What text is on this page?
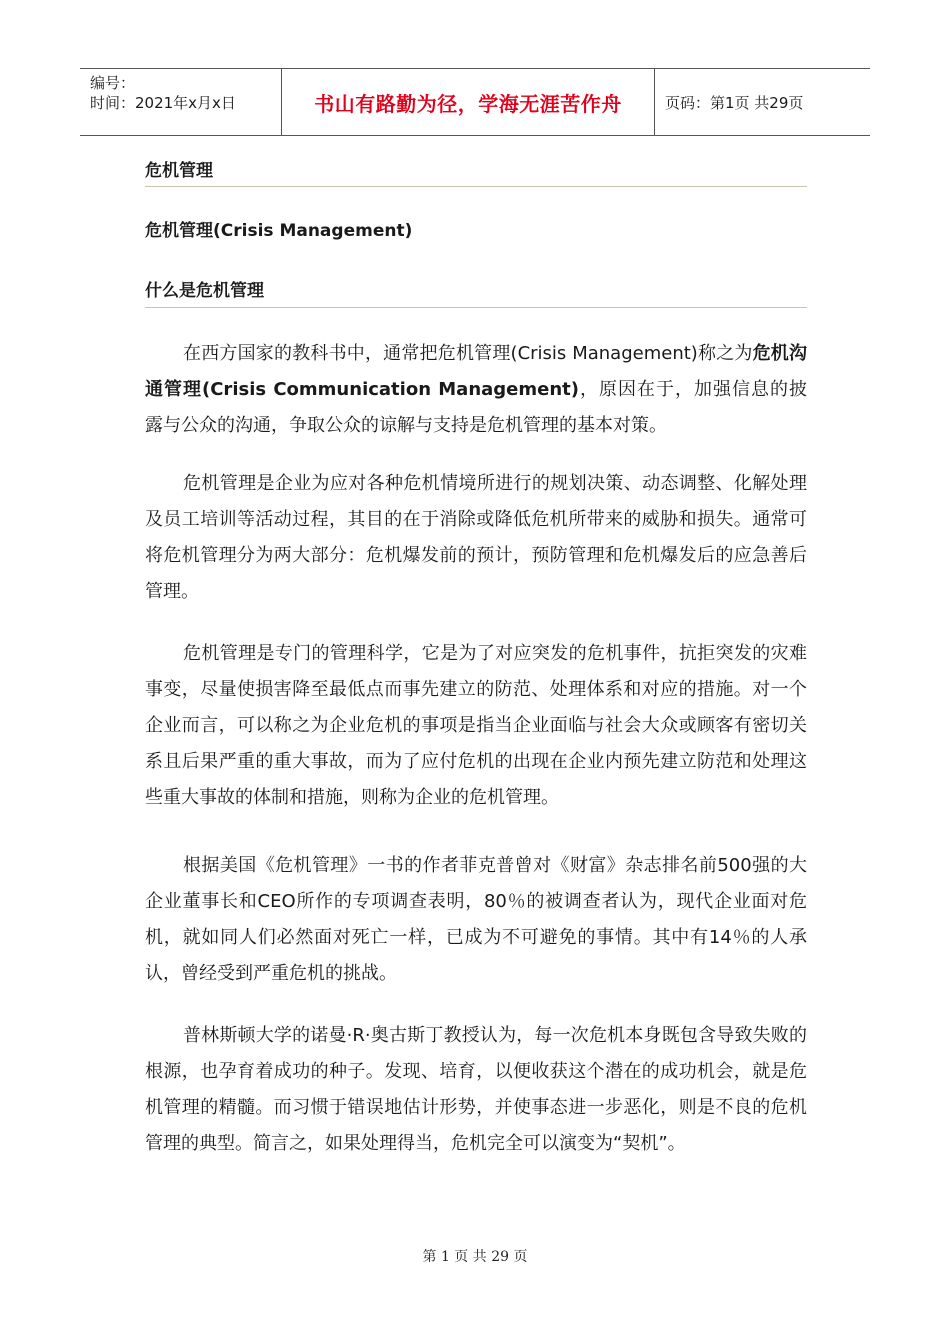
编号：
时间：2021年x月x日	书山有路勤为径，学海无涯苦作舟	页码：第1页 共29页
危机管理
危机管理(Crisis Management)
什么是危机管理

在西方国家的教科书中，通常把危机管理(Crisis Management)称之为危机沟通管理(Crisis Communication Management)，原因在于，加强信息的披露与公众的沟通，争取公众的谅解与支持是危机管理的基本对策。

危机管理是企业为应对各种危机情境所进行的规划决策、动态调整、化解处理及员工培训等活动过程，其目的在于消除或降低危机所带来的威胁和损失。通常可将危机管理分为两大部分：危机爆发前的预计，预防管理和危机爆发后的应急善后管理。

危机管理是专门的管理科学，它是为了对应突发的危机事件，抗拒突发的灾难事变，尽量使损害降至最低点而事先建立的防范、处理体系和对应的措施。对一个企业而言，可以称之为企业危机的事项是指当企业面临与社会大众或顾客有密切关系且后果严重的重大事故，而为了应付危机的出现在企业内预先建立防范和处理这些重大事故的体制和措施，则称为企业的危机管理。

根据美国《危机管理》一书的作者菲克普曾对《财富》杂志排名前500强的大企业董事长和CEO所作的专项调查表明，80％的被调查者认为，现代企业面对危机，就如同人们必然面对死亡一样，已成为不可避免的事情。其中有14％的人承认，曾经受到严重危机的挑战。

普林斯顿大学的诺曼·R·奥古斯丁教授认为，每一次危机本身既包含导致失败的根源，也孕育着成功的种子。发现、培育，以便收获这个潜在的成功机会，就是危机管理的精髓。而习惯于错误地估计形势，并使事态进一步恶化，则是不良的危机管理的典型。简言之，如果处理得当，危机完全可以演变为“契机”。

第 1 页 共 29 页
